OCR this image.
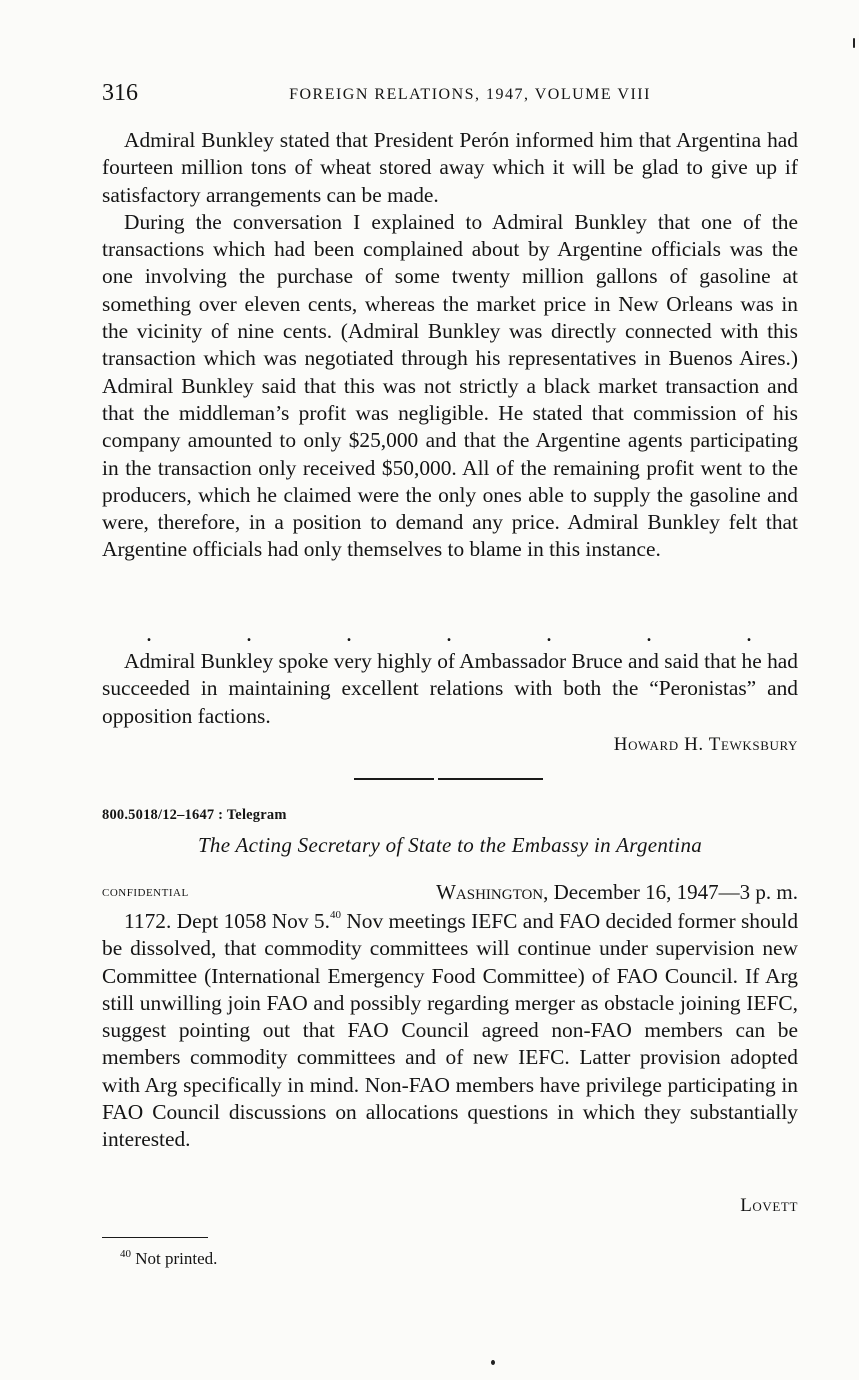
316	FOREIGN RELATIONS, 1947, VOLUME VIII

Admiral Bunkley stated that President Perón informed him that Argentina had fourteen million tons of wheat stored away which it will be glad to give up if satisfactory arrangements can be made.

During the conversation I explained to Admiral Bunkley that one of the transactions which had been complained about by Argentine officials was the one involving the purchase of some twenty million gallons of gasoline at something over eleven cents, whereas the market price in New Orleans was in the vicinity of nine cents. (Admiral Bunkley was directly connected with this transaction which was negotiated through his representatives in Buenos Aires.) Admiral Bunkley said that this was not strictly a black market transaction and that the middleman’s profit was negligible. He stated that commission of his company amounted to only $25,000 and that the Argentine agents participating in the transaction only received $50,000. All of the remaining profit went to the producers, which he claimed were the only ones able to supply the gasoline and were, therefore, in a position to demand any price. Admiral Bunkley felt that Argentine officials had only themselves to blame in this instance.

.	.	.	.	.	.	.

Admiral Bunkley spoke very highly of Ambassador Bruce and said that he had succeeded in maintaining excellent relations with both the “Peronistas” and opposition factions.

Howard H. Tewksbury
800.5018/12–1647 : Telegram
The Acting Secretary of State to the Embassy in Argentina
confidential	Washington, December 16, 1947—3 p. m.

1172. Dept 1058 Nov 5.40 Nov meetings IEFC and FAO decided former should be dissolved, that commodity committees will continue under supervision new Committee (International Emergency Food Committee) of FAO Council. If Arg still unwilling join FAO and possibly regarding merger as obstacle joining IEFC, suggest pointing out that FAO Council agreed non-FAO members can be members commodity committees and of new IEFC. Latter provision adopted with Arg specifically in mind. Non-FAO members have privilege participating in FAO Council discussions on allocations questions in which they substantially interested.

Lovett
$^{40}$ Not printed.
